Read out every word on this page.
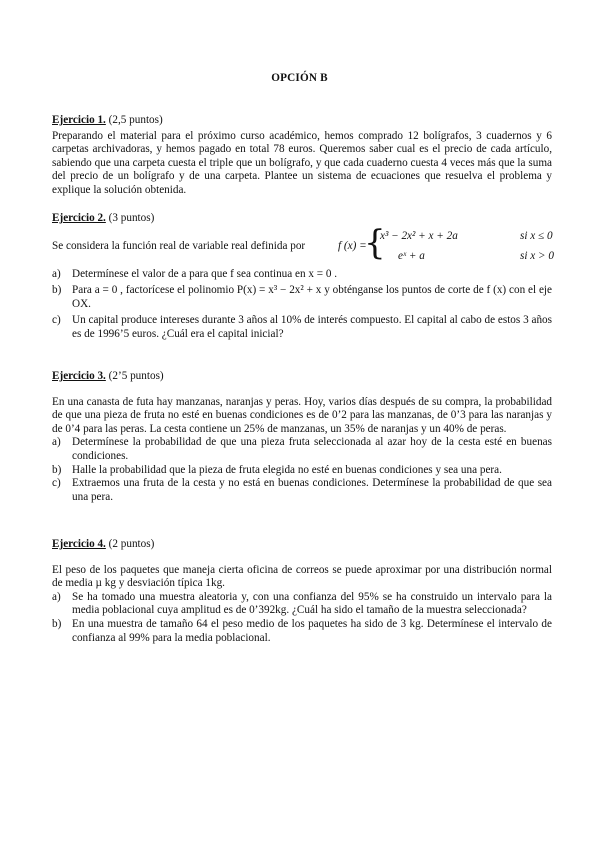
OPCIÓN B
Ejercicio 1. (2,5 puntos)

Preparando el material para el próximo curso académico, hemos comprado 12 bolígrafos, 3 cuadernos y 6 carpetas archivadoras, y hemos pagado en total 78 euros. Queremos saber cual es el precio de cada artículo, sabiendo que una carpeta cuesta el triple que un bolígrafo, y que cada cuaderno cuesta 4 veces más que la suma del precio de un bolígrafo y de una carpeta. Plantee un sistema de ecuaciones que resuelva el problema y explique la solución obtenida.

Ejercicio 2. (3 puntos)
Se considera la función real de variable real definida por	f (x) =
{
x³ − 2x² + x + 2a
eˣ + a
si x ≤ 0
si x > 0
a) Determínese el valor de a para que f sea continua en x = 0 .
b) Para a = 0 , factorícese el polinomio P(x) = x³ − 2x² + x y obténganse los puntos de corte de f (x) con el eje OX.
c) Un capital produce intereses durante 3 años al 10% de interés compuesto. El capital al cabo de estos 3 años es de 1996’5 euros. ¿Cuál era el capital inicial?
Ejercicio 3. (2’5 puntos)

En una canasta de futa hay manzanas, naranjas y peras. Hoy, varios días después de su compra, la probabilidad de que una pieza de fruta no esté en buenas condiciones es de 0’2 para las manzanas, de 0’3 para las naranjas y de 0’4 para las peras. La cesta contiene un 25% de manzanas, un 35% de naranjas y un 40% de peras.

a) Determínese la probabilidad de que una pieza fruta seleccionada al azar hoy de la cesta esté en buenas condiciones.
b) Halle la probabilidad que la pieza de fruta elegida no esté en buenas condiciones y sea una pera.
c) Extraemos una fruta de la cesta y no está en buenas condiciones. Determínese la probabilidad de que sea una pera.
Ejercicio 4. (2 puntos)

El peso de los paquetes que maneja cierta oficina de correos se puede aproximar por una distribución normal de media µ kg y desviación típica 1kg.

a) Se ha tomado una muestra aleatoria y, con una confianza del 95% se ha construido un intervalo para la media poblacional cuya amplitud es de 0’392kg. ¿Cuál ha sido el tamaño de la muestra seleccionada?
b) En una muestra de tamaño 64 el peso medio de los paquetes ha sido de 3 kg. Determínese el intervalo de confianza al 99% para la media poblacional.
